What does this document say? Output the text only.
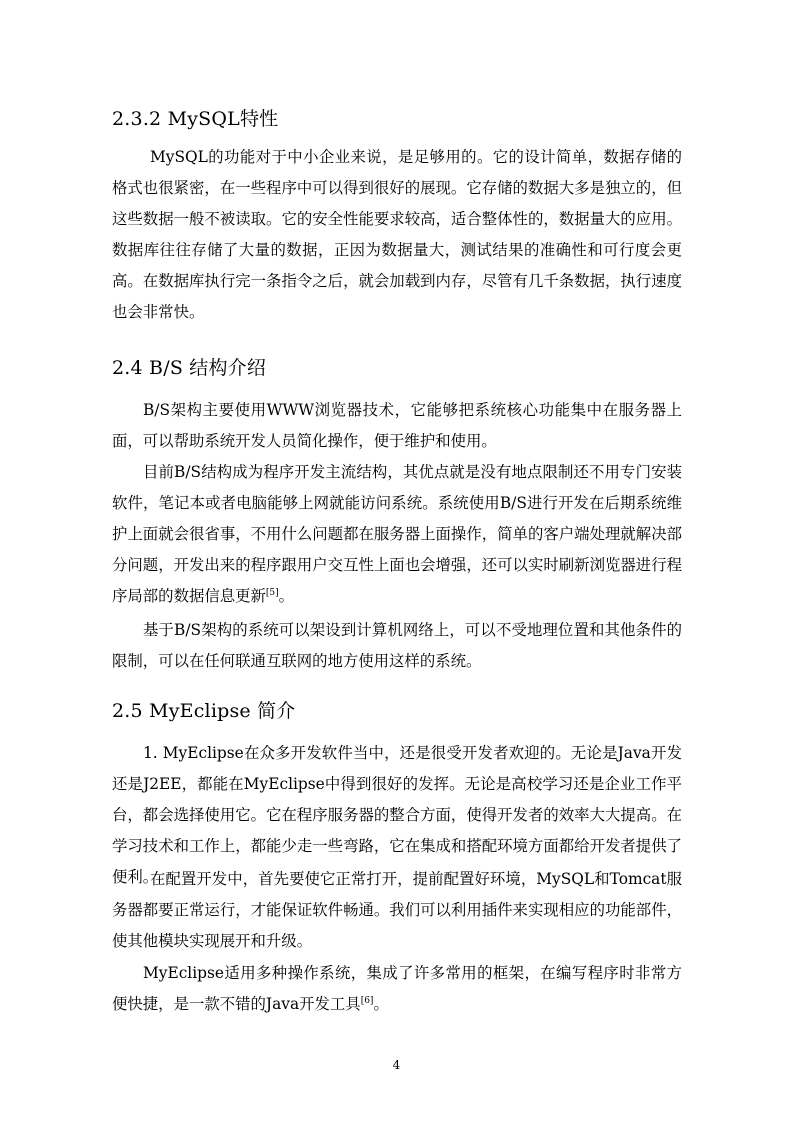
2.3.2 MySQL特性

MySQL的功能对于中小企业来说，是足够用的。它的设计简单，数据存储的格式也很紧密，在一些程序中可以得到很好的展现。它存储的数据大多是独立的，但这些数据一般不被读取。它的安全性能要求较高，适合整体性的，数据量大的应用。数据库往往存储了大量的数据，正因为数据量大，测试结果的准确性和可行度会更高。在数据库执行完一条指令之后，就会加载到内存，尽管有几千条数据，执行速度也会非常快。

2.4 B/S 结构介绍

B/S架构主要使用WWW浏览器技术，它能够把系统核心功能集中在服务器上面，可以帮助系统开发人员简化操作，便于维护和使用。

目前B/S结构成为程序开发主流结构，其优点就是没有地点限制还不用专门安装软件，笔记本或者电脑能够上网就能访问系统。系统使用B/S进行开发在后期系统维护上面就会很省事，不用什么问题都在服务器上面操作，简单的客户端处理就解决部分问题，开发出来的程序跟用户交互性上面也会增强，还可以实时刷新浏览器进行程序局部的数据信息更新[5]。

基于B/S架构的系统可以架设到计算机网络上，可以不受地理位置和其他条件的限制，可以在任何联通互联网的地方使用这样的系统。

2.5 MyEclipse 简介

1. MyEclipse在众多开发软件当中，还是很受开发者欢迎的。无论是Java开发还是J2EE，都能在MyEclipse中得到很好的发挥。无论是高校学习还是企业工作平台，都会选择使用它。它在程序服务器的整合方面，使得开发者的效率大大提高。在学习技术和工作上，都能少走一些弯路，它在集成和搭配环境方面都给开发者提供了便利。

在配置开发中，首先要使它正常打开，提前配置好环境，MySQL和Tomcat服务器都要正常运行，才能保证软件畅通。我们可以利用插件来实现相应的功能部件，使其他模块实现展开和升级。

MyEclipse适用多种操作系统，集成了许多常用的框架，在编写程序时非常方便快捷，是一款不错的Java开发工具[6]。

4
